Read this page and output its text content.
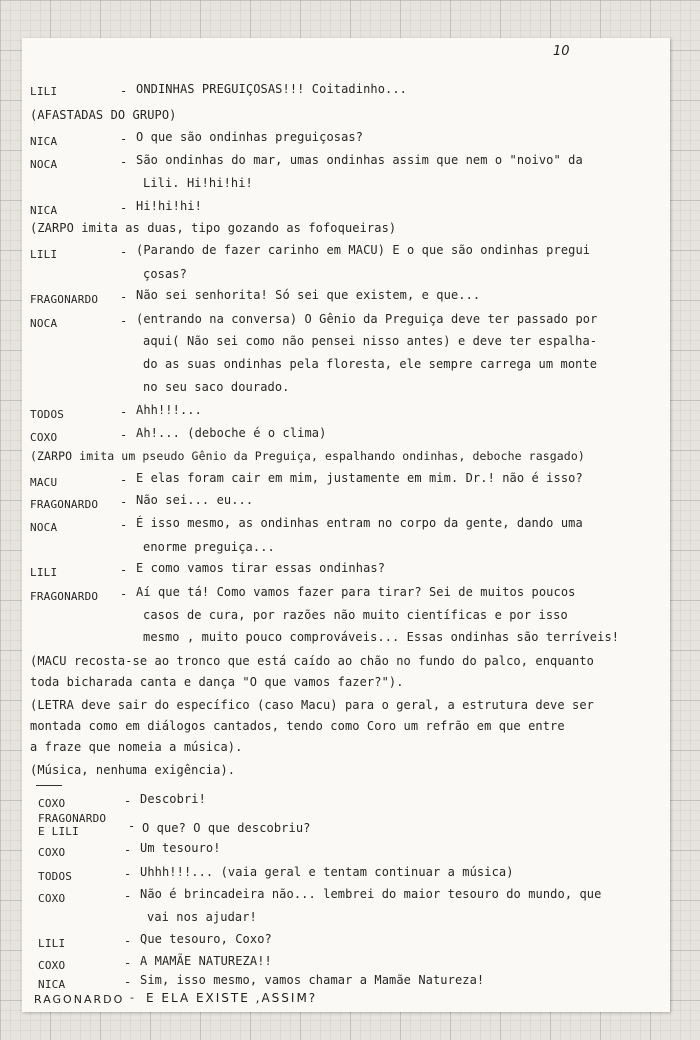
10
LILI	- ONDINHAS PREGUIÇOSAS!!! Coitadinho...
(AFASTADAS DO GRUPO)
NICA	- O que são ondinhas preguiçosas?
NOCA	- São ondinhas do mar, umas ondinhas assim que nem o "noivo" da
Lili. Hi!hi!hi!
NICA	- Hi!hi!hi!
(ZARPO imita as duas, tipo gozando as fofoqueiras)
LILI	- (Parando de fazer carinho em MACU) E o que são ondinhas pregui
çosas?
FRAGONARDO - Não sei senhorita! Só sei que existem, e que...
NOCA	- (entrando na conversa) O Gênio da Preguiça deve ter passado por
aqui( Não sei como não pensei nisso antes) e deve ter espalha-
do as suas ondinhas pela floresta, ele sempre carrega um monte
no seu saco dourado.
TODOS	- Ahh!!!...
COXO	- Ah!... (deboche é o clima)
(ZARPO imita um pseudo Gênio da Preguiça, espalhando ondinhas, deboche rasgado)
MACU	- E elas foram cair em mim, justamente em mim. Dr.! não é isso?
FRAGONARDO - Não sei... eu...
NOCA	- É isso mesmo, as ondinhas entram no corpo da gente, dando uma
enorme preguiça...
LILI	- E como vamos tirar essas ondinhas?
FRAGONARDO - Aí que tá! Como vamos fazer para tirar? Sei de muitos poucos
casos de cura, por razões não muito científicas e por isso
mesmo , muito pouco comprováveis... Essas ondinhas são terríveis!
(MACU recosta-se ao tronco que está caído ao chão no fundo do palco, enquanto
toda bicharada canta e dança "O que vamos fazer?").
(LETRA deve sair do específico (caso Macu) para o geral, a estrutura deve ser
montada como em diálogos cantados, tendo como Coro um refrão em que entre
a fraze que nomeia a música).
(Música, nenhuma exigência).
COXO	- Descobri!
FRAGONARDO
E LILI	- O que? O que descobriu?
COXO	- Um tesouro!
TODOS	- Uhhh!!!... (vaia geral e tentam continuar a música)
COXO	- Não é brincadeira não... lembrei do maior tesouro do mundo, que
vai nos ajudar!
LILI	- Que tesouro, Coxo?
COXO	- A MAMÃE NATUREZA!!
NICA	- Sim, isso mesmo, vamos chamar a Mamãe Natureza!
RAGONARDO - E ELA EXISTE ,ASSIM?
